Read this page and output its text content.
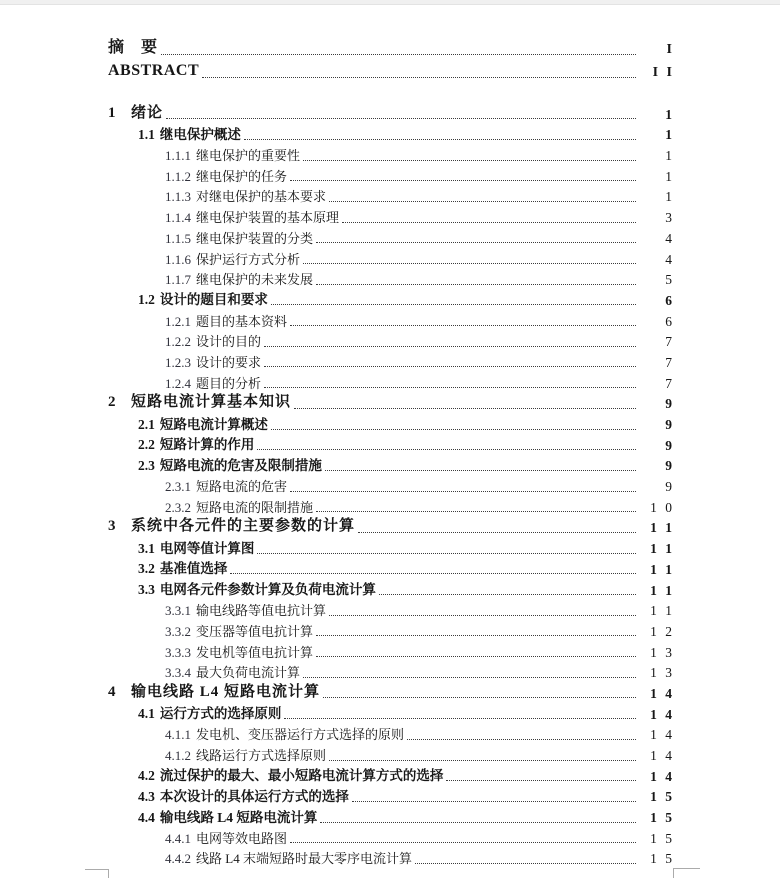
摘　要	I
ABSTRACT	I I
1	绪论	1
1.1 继电保护概述	1
1.1.1 继电保护的重要性	1
1.1.2 继电保护的任务	1
1.1.3 对继电保护的基本要求	1
1.1.4 继电保护装置的基本原理	3
1.1.5 继电保护装置的分类	4
1.1.6 保护运行方式分析	4
1.1.7 继电保护的未来发展	5
1.2 设计的题目和要求	6
1.2.1 题目的基本资料	6
1.2.2 设计的目的	7
1.2.3 设计的要求	7
1.2.4 题目的分析	7
2	短路电流计算基本知识	9
2.1 短路电流计算概述	9
2.2 短路计算的作用	9
2.3 短路电流的危害及限制措施	9
2.3.1 短路电流的危害	9
2.3.2 短路电流的限制措施	1 0
3	系统中各元件的主要参数的计算	1 1
3.1 电网等值计算图	1 1
3.2 基准值选择	1 1
3.3 电网各元件参数计算及负荷电流计算	1 1
3.3.1 输电线路等值电抗计算	1 1
3.3.2 变压器等值电抗计算	1 2
3.3.3 发电机等值电抗计算	1 3
3.3.4 最大负荷电流计算	1 3
4	输电线路 L4 短路电流计算	1 4
4.1 运行方式的选择原则	1 4
4.1.1 发电机、变压器运行方式选择的原则	1 4
4.1.2 线路运行方式选择原则	1 4
4.2 流过保护的最大、最小短路电流计算方式的选择	1 4
4.3 本次设计的具体运行方式的选择	1 5
4.4 输电线路 L4 短路电流计算	1 5
4.4.1 电网等效电路图	1 5
4.4.2 线路 L4 末端短路时最大零序电流计算	1 5
